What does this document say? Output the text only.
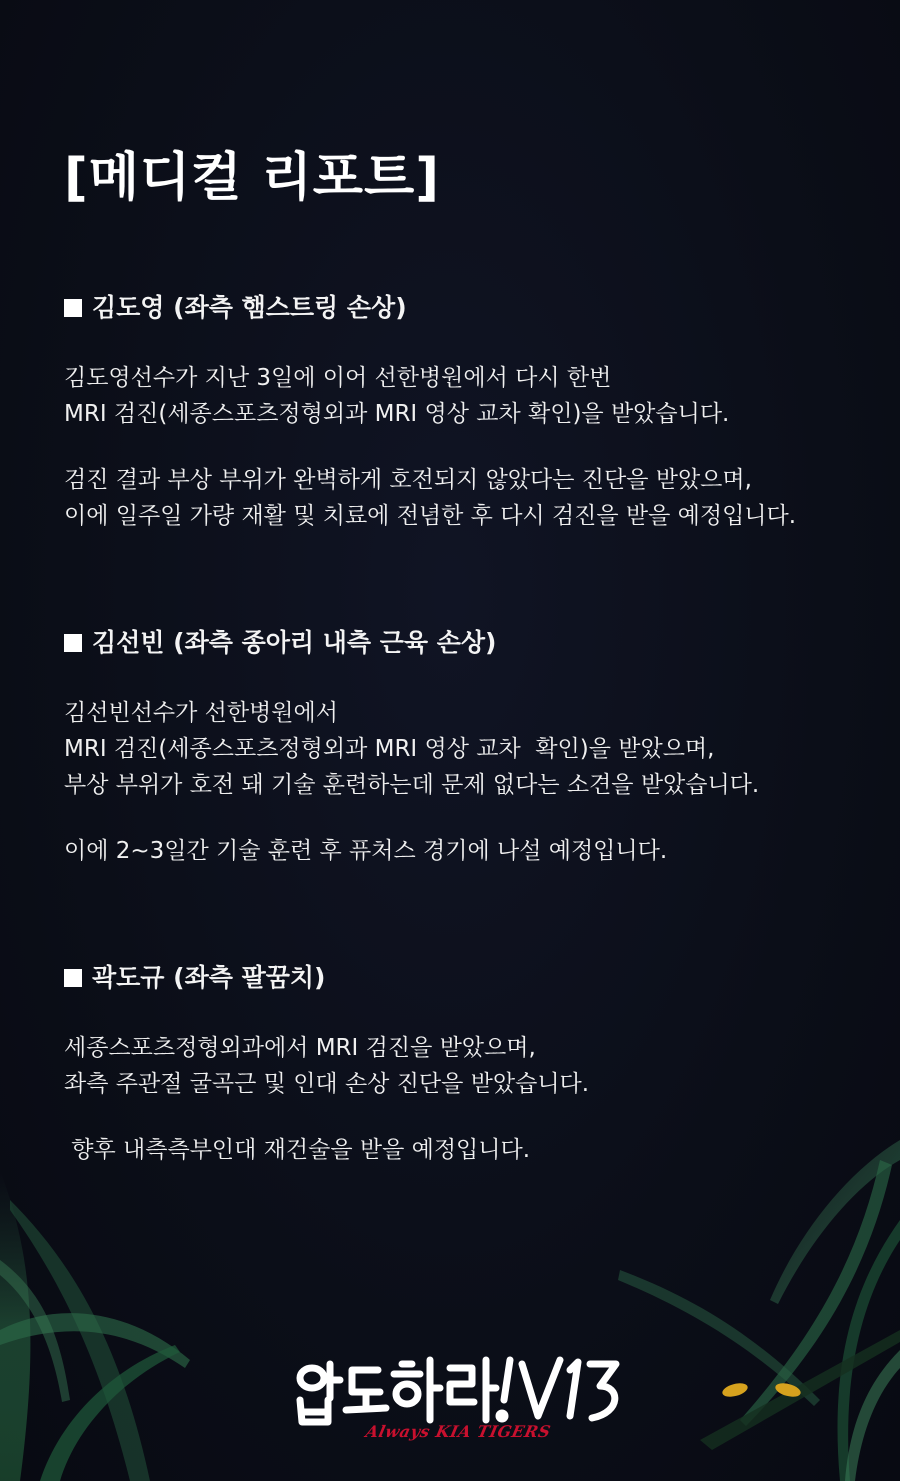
[메디컬 리포트]
김도영 (좌측 햄스트링 손상)
김도영선수가 지난 3일에 이어 선한병원에서 다시 한번
MRI 검진(세종스포츠정형외과 MRI 영상 교차 확인)을 받았습니다.
검진 결과 부상 부위가 완벽하게 호전되지 않았다는 진단을 받았으며,
이에 일주일 가량 재활 및 치료에 전념한 후 다시 검진을 받을 예정입니다.
김선빈 (좌측 종아리 내측 근육 손상)
김선빈선수가 선한병원에서
MRI 검진(세종스포츠정형외과 MRI 영상 교차  확인)을 받았으며,
부상 부위가 호전 돼 기술 훈련하는데 문제 없다는 소견을 받았습니다.
이에 2~3일간 기술 훈련 후 퓨처스 경기에 나설 예정입니다.
곽도규 (좌측 팔꿈치)
세종스포츠정형외과에서 MRI 검진을 받았으며,
좌측 주관절 굴곡근 및 인대 손상 진단을 받았습니다.
향후 내측측부인대 재건술을 받을 예정입니다.
Always KIA TIGERS
